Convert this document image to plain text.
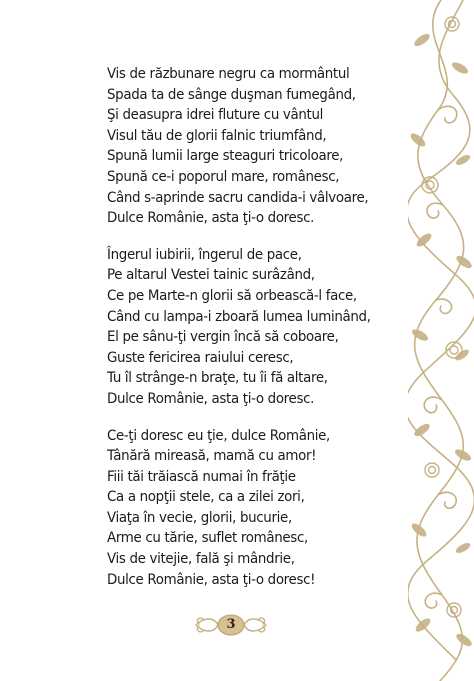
Vis de răzbunare negru ca mormântul
Spada ta de sânge duşman fumegând,
Şi deasupra idrei fluture cu vântul
Visul tău de glorii falnic triumfând,
Spună lumii large steaguri tricoloare,
Spună ce-i poporul mare, românesc,
Când s-aprinde sacru candida-i vâlvoare,
Dulce Românie, asta ţi-o doresc.
Îngerul iubirii, îngerul de pace,
Pe altarul Vestei tainic surâzând,
Ce pe Marte-n glorii să orbească-l face,
Când cu lampa-i zboară lumea luminând,
El pe sânu-ţi vergin încă să coboare,
Guste fericirea raiului ceresc,
Tu îl strânge-n braţe, tu îi fă altare,
Dulce Românie, asta ţi-o doresc.
Ce-ţi doresc eu ţie, dulce Românie,
Tânără mireasă, mamă cu amor!
Fiii tăi trăiască numai în frăţie
Ca a nopţii stele, ca a zilei zori,
Viaţa în vecie, glorii, bucurie,
Arme cu tărie, suflet românesc,
Vis de vitejie, fală şi mândrie,
Dulce Românie, asta ţi-o doresc!
3
